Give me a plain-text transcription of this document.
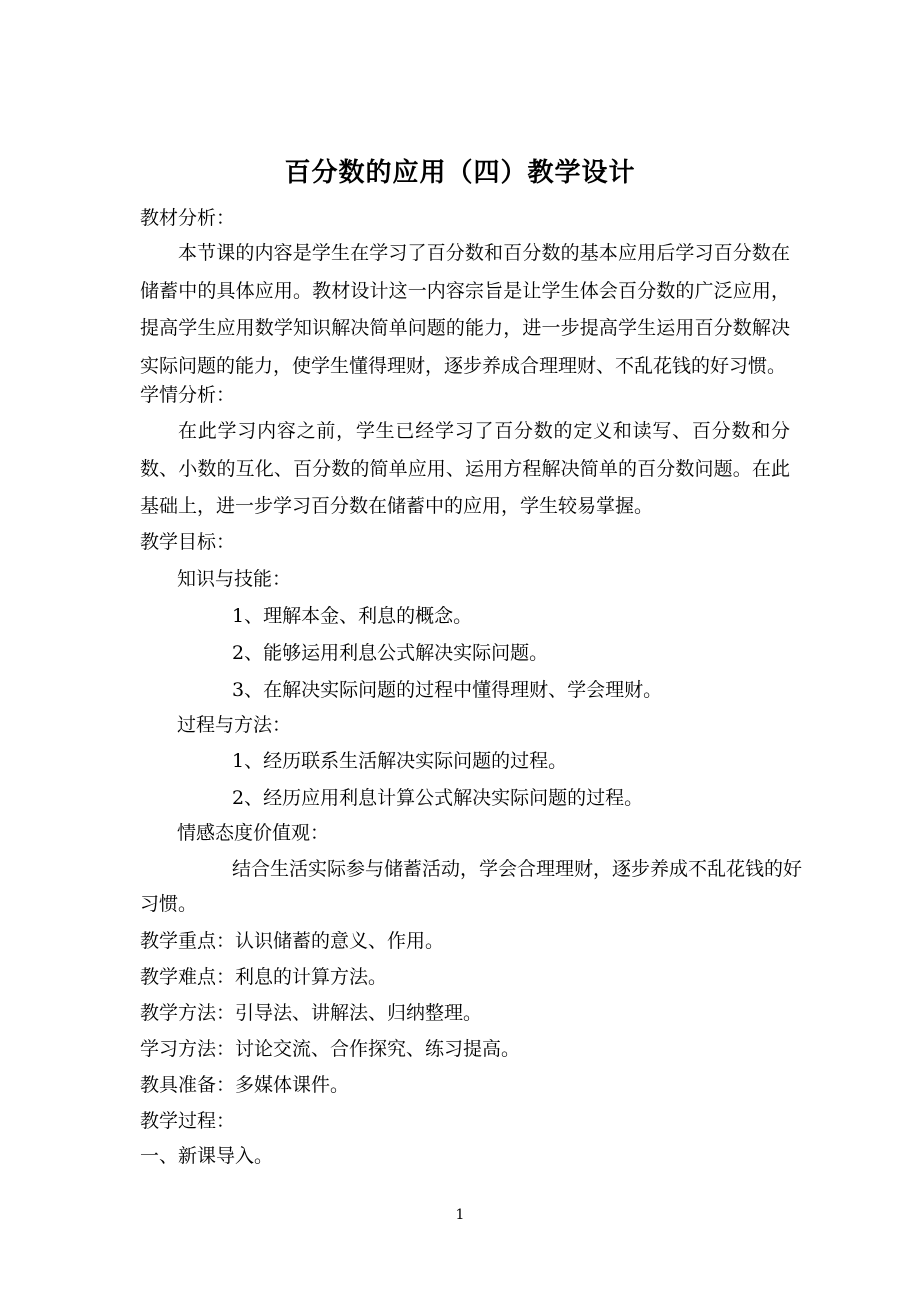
百分数的应用（四）教学设计
教材分析：
本节课的内容是学生在学习了百分数和百分数的基本应用后学习百分数在储蓄中的具体应用。教材设计这一内容宗旨是让学生体会百分数的广泛应用，提高学生应用数学知识解决简单问题的能力，进一步提高学生运用百分数解决实际问题的能力，使学生懂得理财，逐步养成合理理财、不乱花钱的好习惯。
学情分析：
在此学习内容之前，学生已经学习了百分数的定义和读写、百分数和分数、小数的互化、百分数的简单应用、运用方程解决简单的百分数问题。在此基础上，进一步学习百分数在储蓄中的应用，学生较易掌握。
教学目标：
知识与技能：
1、理解本金、利息的概念。
2、能够运用利息公式解决实际问题。
3、在解决实际问题的过程中懂得理财、学会理财。
过程与方法：
1、经历联系生活解决实际问题的过程。
2、经历应用利息计算公式解决实际问题的过程。
情感态度价值观：
结合生活实际参与储蓄活动，学会合理理财，逐步养成不乱花钱的好
习惯。
教学重点：认识储蓄的意义、作用。
教学难点：利息的计算方法。
教学方法：引导法、讲解法、归纳整理。
学习方法：讨论交流、合作探究、练习提高。
教具准备：多媒体课件。
教学过程：
一、新课导入。
1
